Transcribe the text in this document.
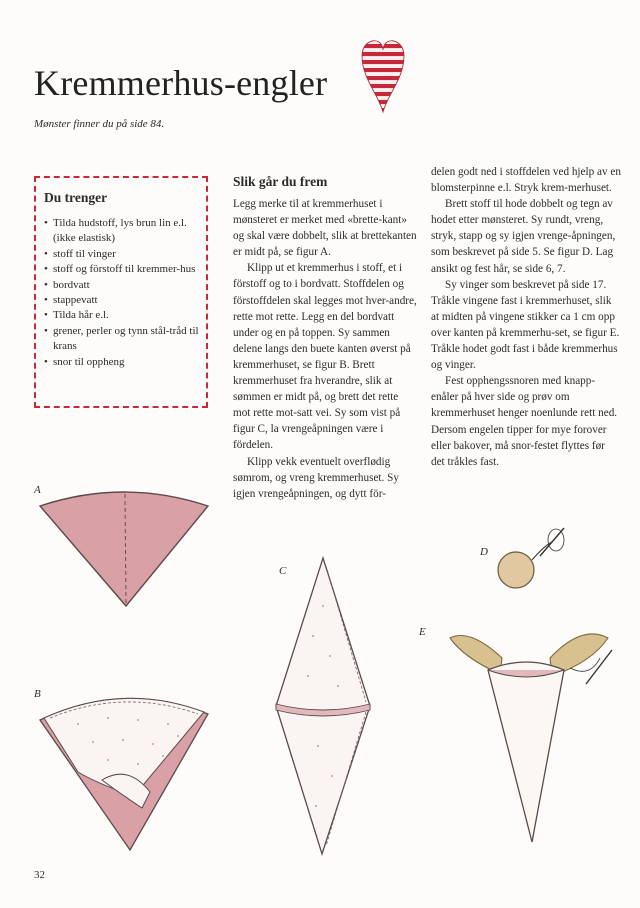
Kremmerhus-engler
Mønster finner du på side 84.
Du trenger
• Tilda hudstoff, lys brun lin e.l. (ikke elastisk)
• stoff til vinger
• stoff og förstoff til kremmer-hus
• bordvatt
• stappevatt
• Tilda hår e.l.
• grener, perler og tynn stål-tråd til krans
• snor til oppheng
Slik går du frem

Legg merke til at kremmerhuset i mønsteret er merket med «brette-kant» og skal være dobbelt, slik at brettekanten er midt på, se figur A.

Klipp ut et kremmerhus i stoff, et i förstoff og to i bordvatt. Stoffdelen og förstoffdelen skal legges mot hver-andre, rette mot rette. Legg en del bordvatt under og en på toppen. Sy sammen delene langs den buete kanten øverst på kremmerhuset, se figur B. Brett kremmerhuset fra hverandre, slik at sømmen er midt på, og brett det rette mot rette mot-satt vei. Sy som vist på figur C, la vrengeåpningen være i fördelen.

Klipp vekk eventuelt overflødig sømrom, og vreng kremmerhuset. Sy igjen vrengeåpningen, og dytt för-

delen godt ned i stoffdelen ved hjelp av en blomsterpinne e.l. Stryk krem-merhuset.

Brett stoff til hode dobbelt og tegn av hodet etter mønsteret. Sy rundt, vreng, stryk, stapp og sy igjen vrenge-åpningen, som beskrevet på side 5. Se figur D. Lag ansikt og fest hår, se side 6, 7.

Sy vinger som beskrevet på side 17. Tråkle vingene fast i kremmerhuset, slik at midten på vingene stikker ca 1 cm opp over kanten på kremmerhu-set, se figur E. Tråkle hodet godt fast i både kremmerhus og vinger.

Fest opphengssnoren med knapp-enåler på hver side og prøv om kremmerhuset henger noenlunde rett ned. Dersom engelen tipper for mye forover eller bakover, må snor-festet flyttes før det tråkles fast.

A
B
C
D
E
32
